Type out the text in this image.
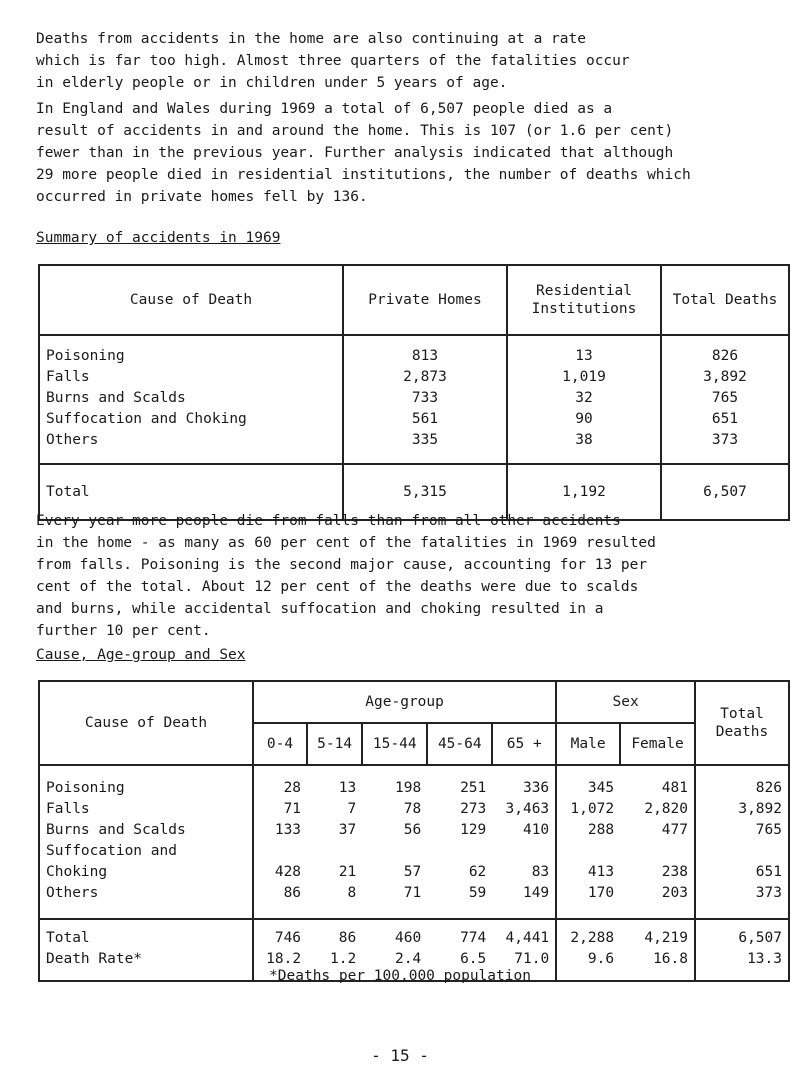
Deaths from accidents in the home are also continuing at a rate
which is far too high. Almost three quarters of the fatalities occur
in elderly people or in children under 5 years of age.

In England and Wales during 1969 a total of 6,507 people died as a
result of accidents in and around the home. This is 107 (or 1.6 per cent)
fewer than in the previous year. Further analysis indicated that although
29 more people died in residential institutions, the number of deaths which
occurred in private homes fell by 136.

Summary of accidents in 1969

Cause of Death	Private Homes	Residential Institutions	Total Deaths
Poisoning	813	13	826
Falls	2,873	1,019	3,892
Burns and Scalds	733	32	765
Suffocation and Choking	561	90	651
Others	335	38	373
Total	5,315	1,192	6,507

Every year more people die from falls than from all other accidents
in the home - as many as 60 per cent of the fatalities in 1969 resulted
from falls. Poisoning is the second major cause, accounting for 13 per
cent of the total. About 12 per cent of the deaths were due to scalds
and burns, while accidental suffocation and choking resulted in a
further 10 per cent.

Cause, Age-group and Sex

Cause of Death	Age-group					Sex		Total Deaths
	0-4	5-14	15-44	45-64	65 +	Male	Female	
Poisoning	28	13	198	251	336	345	481	826
Falls	71	7	78	273	3,463	1,072	2,820	3,892
Burns and Scalds	133	37	56	129	410	288	477	765
Suffocation and								
Choking	428	21	57	62	83	413	238	651
Others	86	8	71	59	149	170	203	373
Total	746	86	460	774	4,441	2,288	4,219	6,507
Death Rate*	18.2	1.2	2.4	6.5	71.0	9.6	16.8	13.3
*Deaths per 100,000 population
- 15 -
